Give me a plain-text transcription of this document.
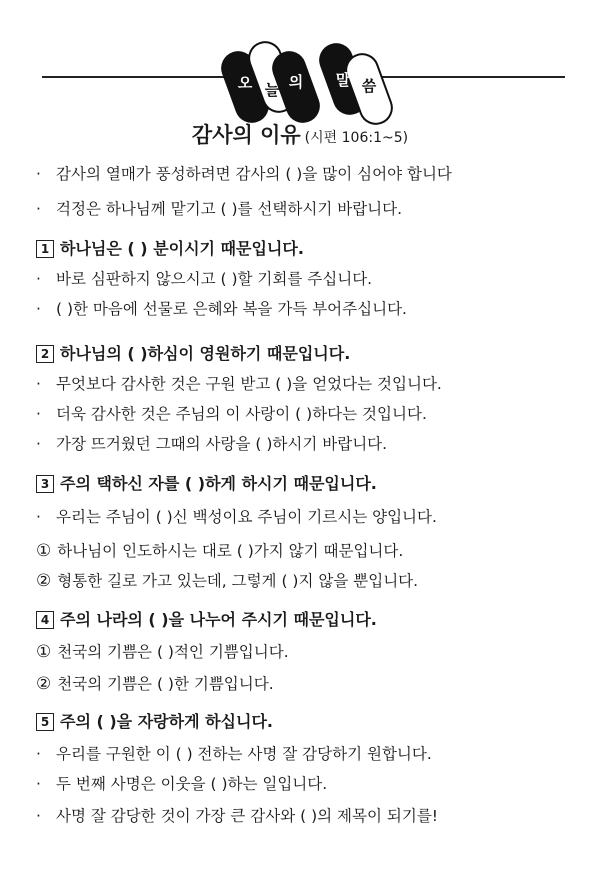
오 늘 의	말 씀
감사의 이유 (시편 106:1~5)
· 감사의 열매가 풍성하려면 감사의 ( )을 많이 심어야 합니다
· 걱정은 하나님께 맡기고 ( )를 선택하시기 바랍니다.
1 하나님은 ( ) 분이시기 때문입니다.
· 바로 심판하지 않으시고 ( )할 기회를 주십니다.
· ( )한 마음에 선물로 은혜와 복을 가득 부어주십니다.
2 하나님의 ( )하심이 영원하기 때문입니다.
· 무엇보다 감사한 것은 구원 받고 ( )을 얻었다는 것입니다.
· 더욱 감사한 것은 주님의 이 사랑이 ( )하다는 것입니다.
· 가장 뜨거웠던 그때의 사랑을 ( )하시기 바랍니다.
3 주의 택하신 자를 ( )하게 하시기 때문입니다.
· 우리는 주님이 ( )신 백성이요 주님이 기르시는 양입니다.
① 하나님이 인도하시는 대로 ( )가지 않기 때문입니다.
② 형통한 길로 가고 있는데, 그렇게 ( )지 않을 뿐입니다.
4 주의 나라의 ( )을 나누어 주시기 때문입니다.
① 천국의 기쁨은 ( )적인 기쁨입니다.
② 천국의 기쁨은 ( )한 기쁨입니다.
5 주의 ( )을 자랑하게 하십니다.
· 우리를 구원한 이 ( ) 전하는 사명 잘 감당하기 원합니다.
· 두 번째 사명은 이웃을 ( )하는 일입니다.
· 사명 잘 감당한 것이 가장 큰 감사와 ( )의 제목이 되기를!
